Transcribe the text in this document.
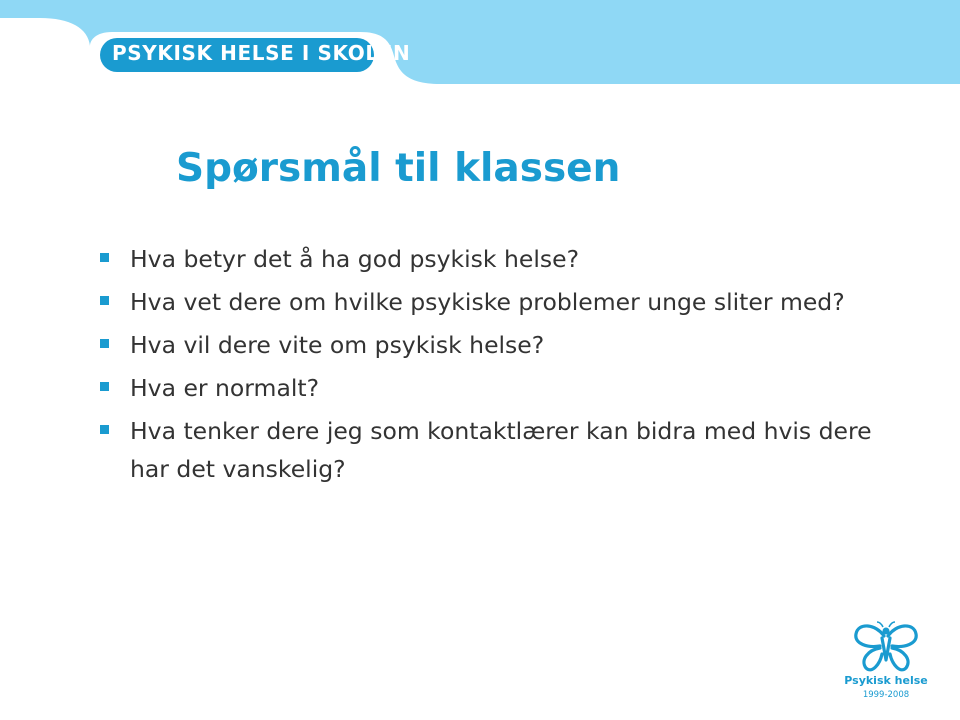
PSYKISK HELSE I SKOLEN
Spørsmål til klassen
Hva betyr det å ha god psykisk helse?
Hva vet dere om hvilke psykiske problemer unge sliter med?
Hva vil dere vite om psykisk helse?
Hva er normalt?
Hva tenker dere jeg som kontaktlærer kan bidra med hvis dere har det vanskelig?
Psykisk helse
1999-2008
